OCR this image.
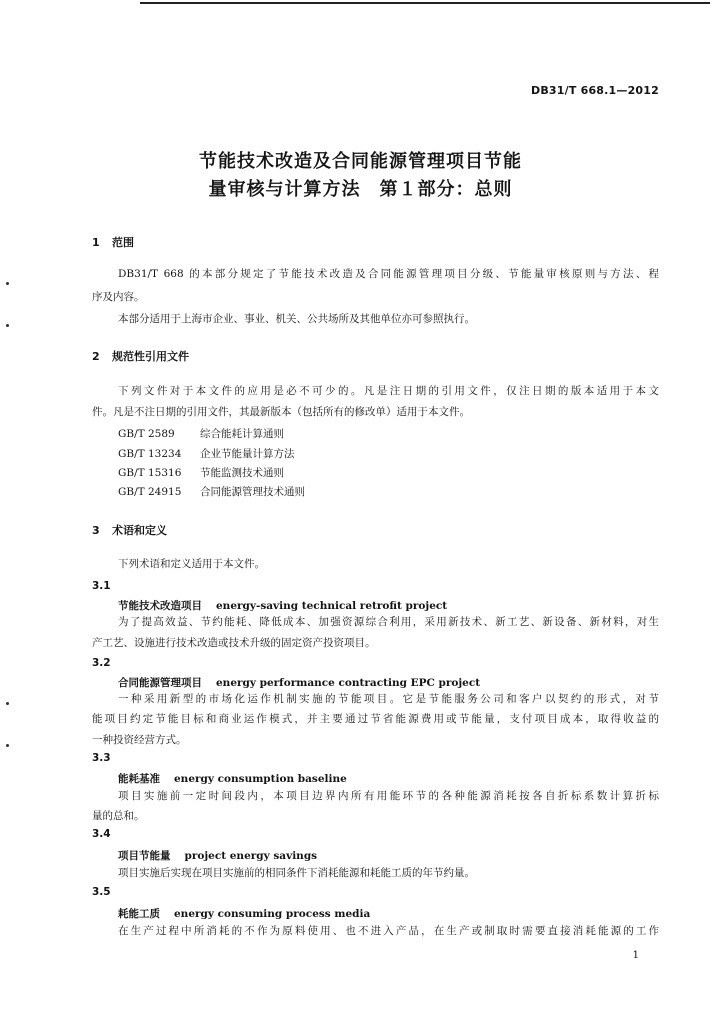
DB31/T 668.1—2012
节能技术改造及合同能源管理项目节能
量审核与计算方法　第１部分：总则
1 范围
DB31/T 668 的本部分规定了节能技术改造及合同能源管理项目分级、节能量审核原则与方法、程
序及内容。
本部分适用于上海市企业、事业、机关、公共场所及其他单位亦可参照执行。
2 规范性引用文件
下列文件对于本文件的应用是必不可少的。凡是注日期的引用文件，仅注日期的版本适用于本文
件。凡是不注日期的引用文件，其最新版本（包括所有的修改单）适用于本文件。
GB/T 2589 综合能耗计算通则
GB/T 13234 企业节能量计算方法
GB/T 15316 节能监测技术通则
GB/T 24915 合同能源管理技术通则
3 术语和定义
下列术语和定义适用于本文件。
3.1
节能技术改造项目 energy-saving technical retrofit project
为了提高效益、节约能耗、降低成本、加强资源综合利用，采用新技术、新工艺、新设备、新材料，对生
产工艺、设施进行技术改造或技术升级的固定资产投资项目。
3.2
合同能源管理项目 energy performance contracting EPC project
一种采用新型的市场化运作机制实施的节能项目。它是节能服务公司和客户以契约的形式，对节
能项目约定节能目标和商业运作模式，并主要通过节省能源费用或节能量，支付项目成本，取得收益的
一种投资经营方式。
3.3
能耗基准 energy consumption baseline
项目实施前一定时间段内，本项目边界内所有用能环节的各种能源消耗按各自折标系数计算折标
量的总和。
3.4
项目节能量 project energy savings
项目实施后实现在项目实施前的相同条件下消耗能源和耗能工质的年节约量。
3.5
耗能工质 energy consuming process media
在生产过程中所消耗的不作为原料使用、也不进入产品，在生产或制取时需要直接消耗能源的工作
1
